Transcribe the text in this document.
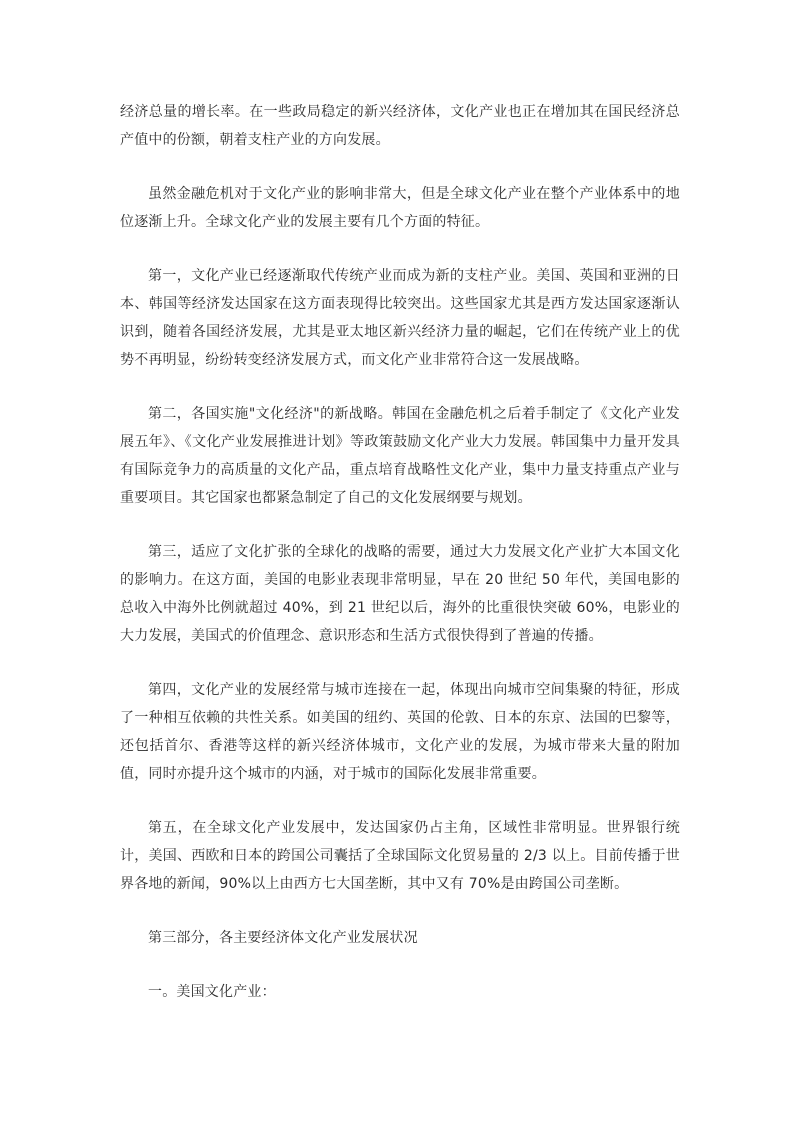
经济总量的增长率。在一些政局稳定的新兴经济体，文化产业也正在增加其在国民经济总产值中的份额，朝着支柱产业的方向发展。

虽然金融危机对于文化产业的影响非常大，但是全球文化产业在整个产业体系中的地位逐渐上升。全球文化产业的发展主要有几个方面的特征。

第一，文化产业已经逐渐取代传统产业而成为新的支柱产业。美国、英国和亚洲的日本、韩国等经济发达国家在这方面表现得比较突出。这些国家尤其是西方发达国家逐渐认识到，随着各国经济发展，尤其是亚太地区新兴经济力量的崛起，它们在传统产业上的优势不再明显，纷纷转变经济发展方式，而文化产业非常符合这一发展战略。

第二，各国实施"文化经济"的新战略。韩国在金融危机之后着手制定了《文化产业发展五年》、《文化产业发展推进计划》等政策鼓励文化产业大力发展。韩国集中力量开发具有国际竞争力的高质量的文化产品，重点培育战略性文化产业，集中力量支持重点产业与重要项目。其它国家也都紧急制定了自己的文化发展纲要与规划。

第三，适应了文化扩张的全球化的战略的需要，通过大力发展文化产业扩大本国文化的影响力。在这方面，美国的电影业表现非常明显，早在 20 世纪 50 年代，美国电影的总收入中海外比例就超过 40%，到 21 世纪以后，海外的比重很快突破 60%，电影业的大力发展，美国式的价值理念、意识形态和生活方式很快得到了普遍的传播。

第四，文化产业的发展经常与城市连接在一起，体现出向城市空间集聚的特征，形成了一种相互依赖的共性关系。如美国的纽约、英国的伦敦、日本的东京、法国的巴黎等，还包括首尔、香港等这样的新兴经济体城市，文化产业的发展，为城市带来大量的附加值，同时亦提升这个城市的内涵，对于城市的国际化发展非常重要。

第五，在全球文化产业发展中，发达国家仍占主角，区域性非常明显。世界银行统计，美国、西欧和日本的跨国公司囊括了全球国际文化贸易量的 2/3 以上。目前传播于世界各地的新闻，90%以上由西方七大国垄断，其中又有 70%是由跨国公司垄断。

第三部分，各主要经济体文化产业发展状况

一。美国文化产业：
